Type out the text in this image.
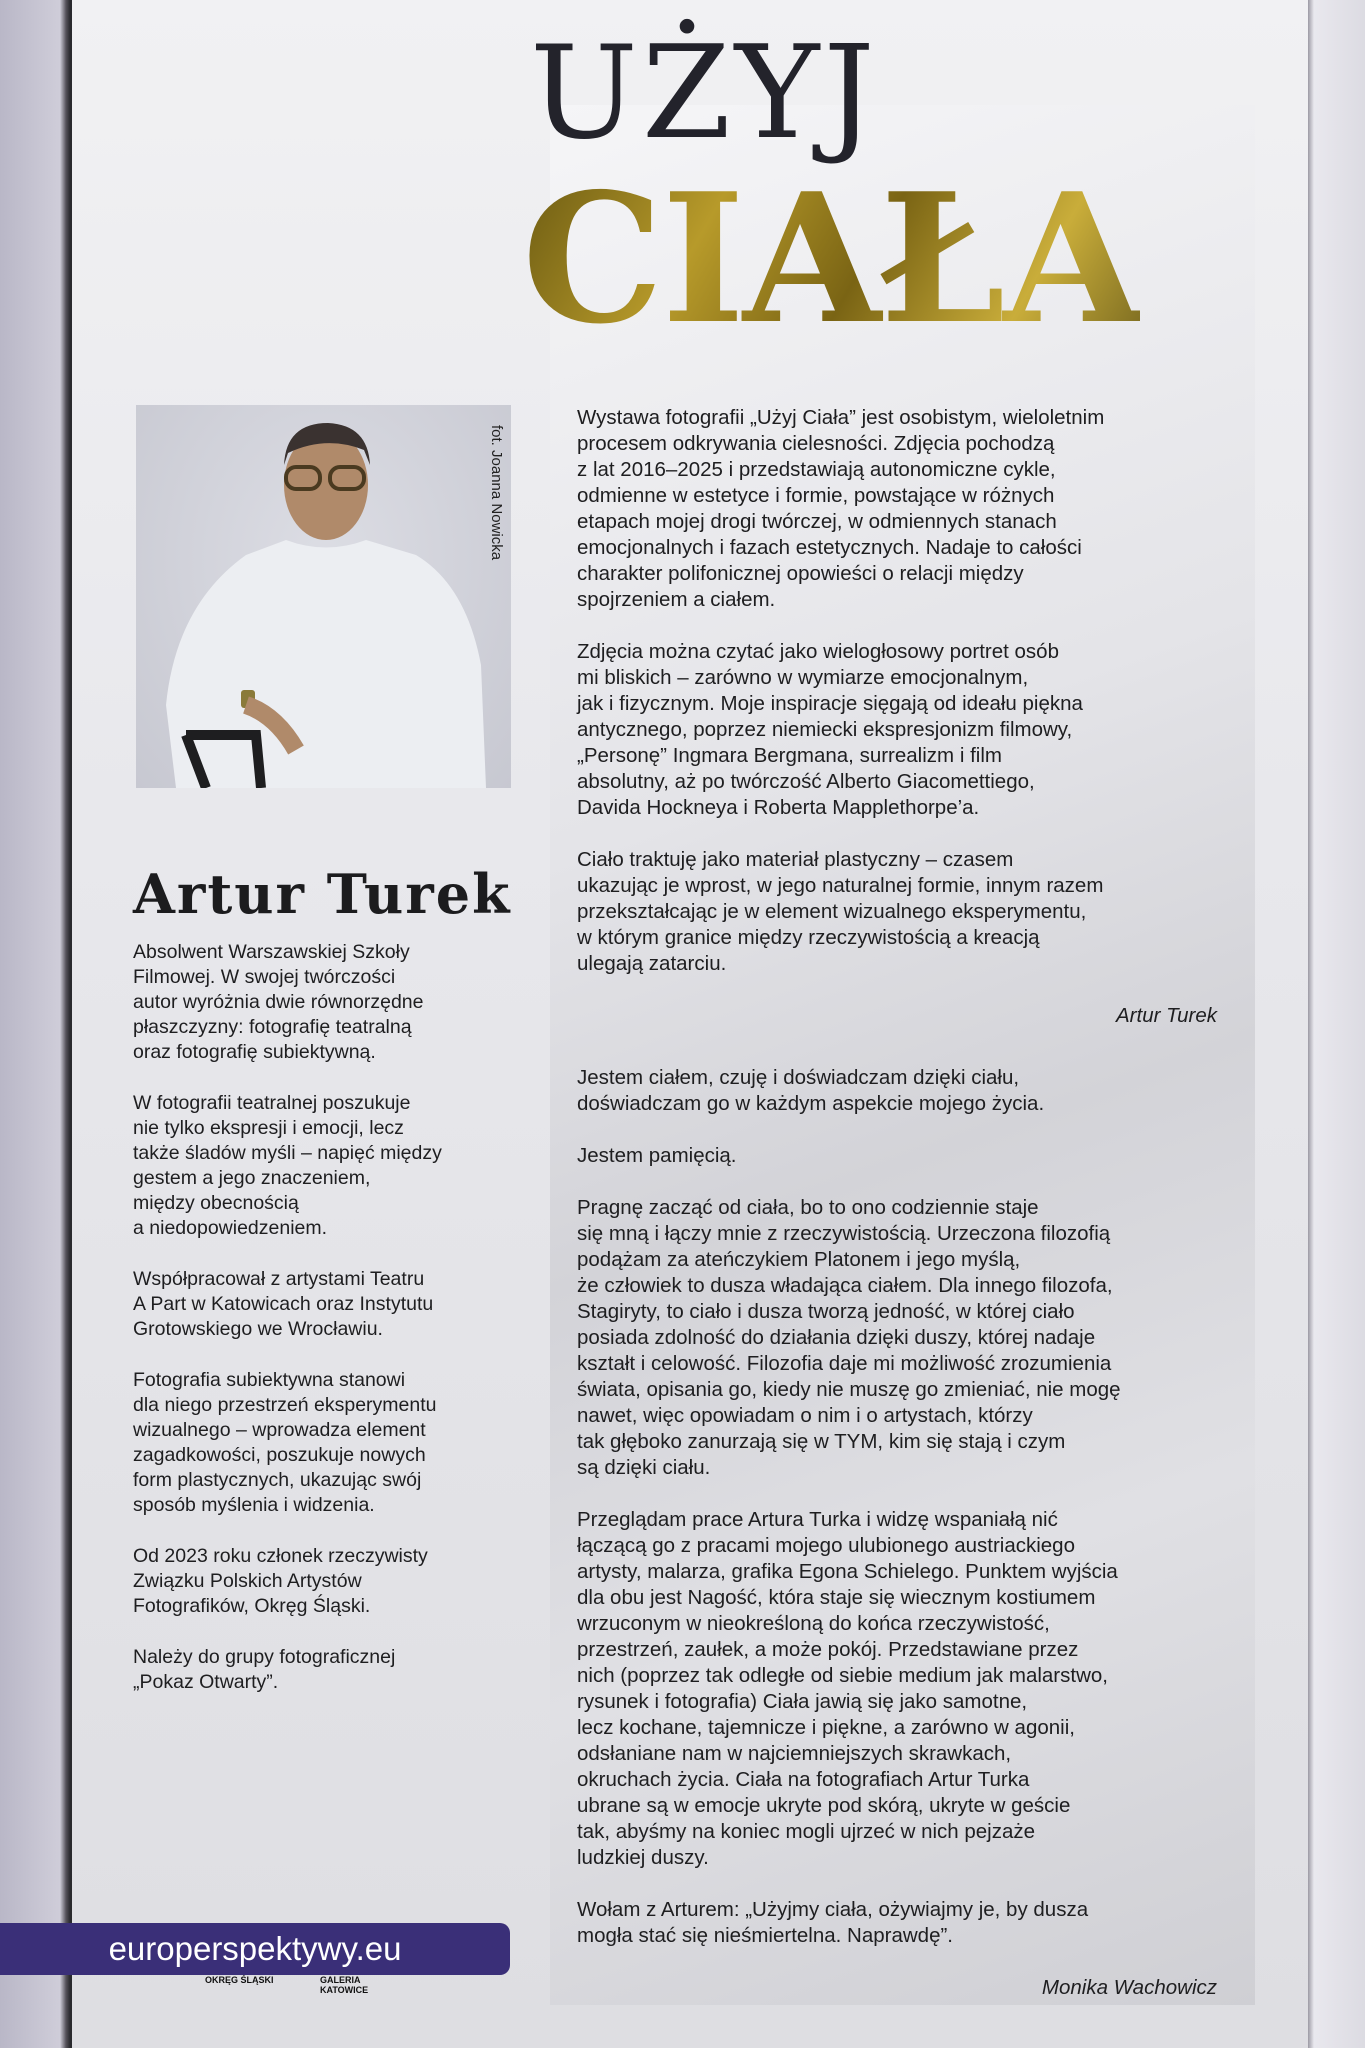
UŻYJ
CIAŁA
fot. Joanna Nowicka
Artur Turek
Absolwent Warszawskiej Szkoły
Filmowej. W swojej twórczości
autor wyróżnia dwie równorzędne
płaszczyzny: fotografię teatralną
oraz fotografię subiektywną.
W fotografii teatralnej poszukuje
nie tylko ekspresji i emocji, lecz
także śladów myśli – napięć między
gestem a jego znaczeniem,
między obecnością
a niedopowiedzeniem.
Współpracował z artystami Teatru
A Part w Katowicach oraz Instytutu
Grotowskiego we Wrocławiu.
Fotografia subiektywna stanowi
dla niego przestrzeń eksperymentu
wizualnego – wprowadza element
zagadkowości, poszukuje nowych
form plastycznych, ukazując swój
sposób myślenia i widzenia.
Od 2023 roku członek rzeczywisty
Związku Polskich Artystów
Fotografików, Okręg Śląski.
Należy do grupy fotograficznej
„Pokaz Otwarty”.
Wystawa fotografii „Użyj Ciała” jest osobistym, wieloletnim
procesem odkrywania cielesności. Zdjęcia pochodzą
z lat 2016–2025 i przedstawiają autonomiczne cykle,
odmienne w estetyce i formie, powstające w różnych
etapach mojej drogi twórczej, w odmiennych stanach
emocjonalnych i fazach estetycznych. Nadaje to całości
charakter polifonicznej opowieści o relacji między
spojrzeniem a ciałem.
Zdjęcia można czytać jako wielogłosowy portret osób
mi bliskich – zarówno w wymiarze emocjonalnym,
jak i fizycznym. Moje inspiracje sięgają od ideału piękna
antycznego, poprzez niemiecki ekspresjonizm filmowy,
„Personę” Ingmara Bergmana, surrealizm i film
absolutny, aż po twórczość Alberto Giacomettiego,
Davida Hockneya i Roberta Mapplethorpe’a.
Ciało traktuję jako materiał plastyczny – czasem
ukazując je wprost, w jego naturalnej formie, innym razem
przekształcając je w element wizualnego eksperymentu,
w którym granice między rzeczywistością a kreacją
ulegają zatarciu.
Artur Turek
Jestem ciałem, czuję i doświadczam dzięki ciału,
doświadczam go w każdym aspekcie mojego życia.
Jestem pamięcią.
Pragnę zacząć od ciała, bo to ono codziennie staje
się mną i łączy mnie z rzeczywistością. Urzeczona filozofią
podążam za ateńczykiem Platonem i jego myślą,
że człowiek to dusza władająca ciałem. Dla innego filozofa,
Stagiryty, to ciało i dusza tworzą jedność, w której ciało
posiada zdolność do działania dzięki duszy, której nadaje
kształt i celowość. Filozofia daje mi możliwość zrozumienia
świata, opisania go, kiedy nie muszę go zmieniać, nie mogę
nawet, więc opowiadam o nim i o artystach, którzy
tak głęboko zanurzają się w TYM, kim się stają i czym
są dzięki ciału.
Przeglądam prace Artura Turka i widzę wspaniałą nić
łączącą go z pracami mojego ulubionego austriackiego
artysty, malarza, grafika Egona Schielego. Punktem wyjścia
dla obu jest Nagość, która staje się wiecznym kostiumem
wrzuconym w nieokreśloną do końca rzeczywistość,
przestrzeń, zaułek, a może pokój. Przedstawiane przez
nich (poprzez tak odległe od siebie medium jak malarstwo,
rysunek i fotografia) Ciała jawią się jako samotne,
lecz kochane, tajemnicze i piękne, a zarówno w agonii,
odsłaniane nam w najciemniejszych skrawkach,
okruchach życia. Ciała na fotografiach Artur Turka
ubrane są w emocje ukryte pod skórą, ukryte w geście
tak, abyśmy na koniec mogli ujrzeć w nich pejzaże
ludzkiej duszy.
Wołam z Arturem: „Użyjmy ciała, ożywiajmy je, by dusza
mogła stać się nieśmiertelna. Naprawdę”.
Monika Wachowicz
OKRĘG ŚLĄSKI	GALERIA KATOWICE
europerspektywy.eu
